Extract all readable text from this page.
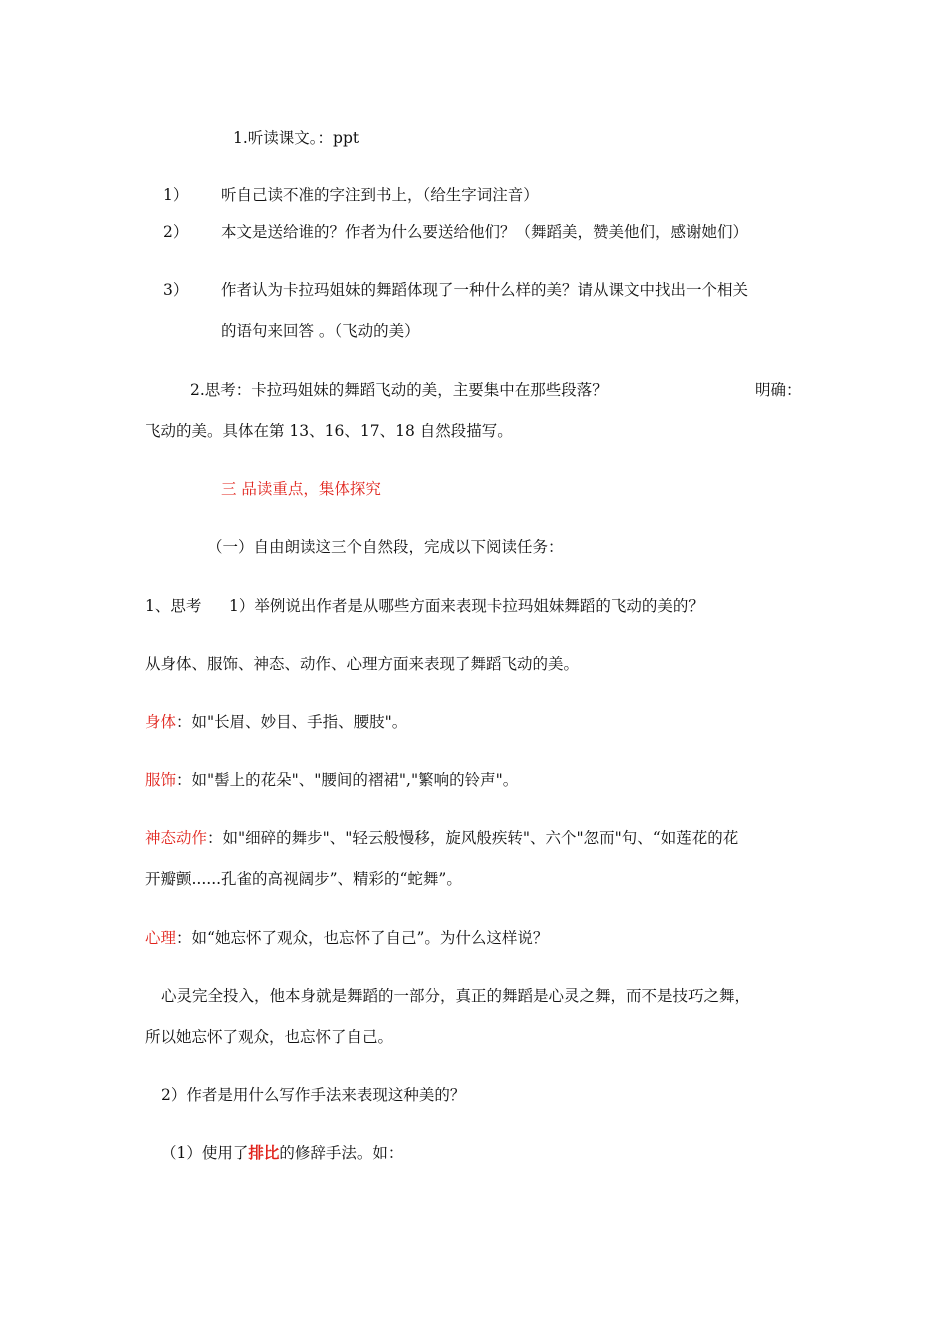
1.听读课文。：ppt
1） 听自己读不准的字注到书上，（给生字词注音）
2） 本文是送给谁的？作者为什么要送给他们？（舞蹈美，赞美他们，感谢她们）
3） 作者认为卡拉玛姐妹的舞蹈体现了一种什么样的美？请从课文中找出一个相关
的语句来回答 。（飞动的美）
2.思考：卡拉玛姐妹的舞蹈飞动的美，主要集中在那些段落？	明确：
飞动的美。具体在第 13、16、17、18 自然段描写。
三 品读重点，集体探究
（一）自由朗读这三个自然段，完成以下阅读任务：
1、思考 1）举例说出作者是从哪些方面来表现卡拉玛姐妹舞蹈的飞动的美的？
从身体、服饰、神态、动作、心理方面来表现了舞蹈飞动的美。
身体：如"长眉、妙目、手指、腰肢"。
服饰：如"髻上的花朵"、"腰间的褶裙","繁响的铃声"。
神态动作：如"细碎的舞步"、"轻云般慢移，旋风般疾转"、六个"忽而"句、“如莲花的花
开瓣颤......孔雀的高视阔步”、精彩的“蛇舞”。
心理：如“她忘怀了观众，也忘怀了自己”。为什么这样说？
心灵完全投入，他本身就是舞蹈的一部分，真正的舞蹈是心灵之舞，而不是技巧之舞，
所以她忘怀了观众，也忘怀了自己。
2）作者是用什么写作手法来表现这种美的？
（1）使用了排比的修辞手法。如：
